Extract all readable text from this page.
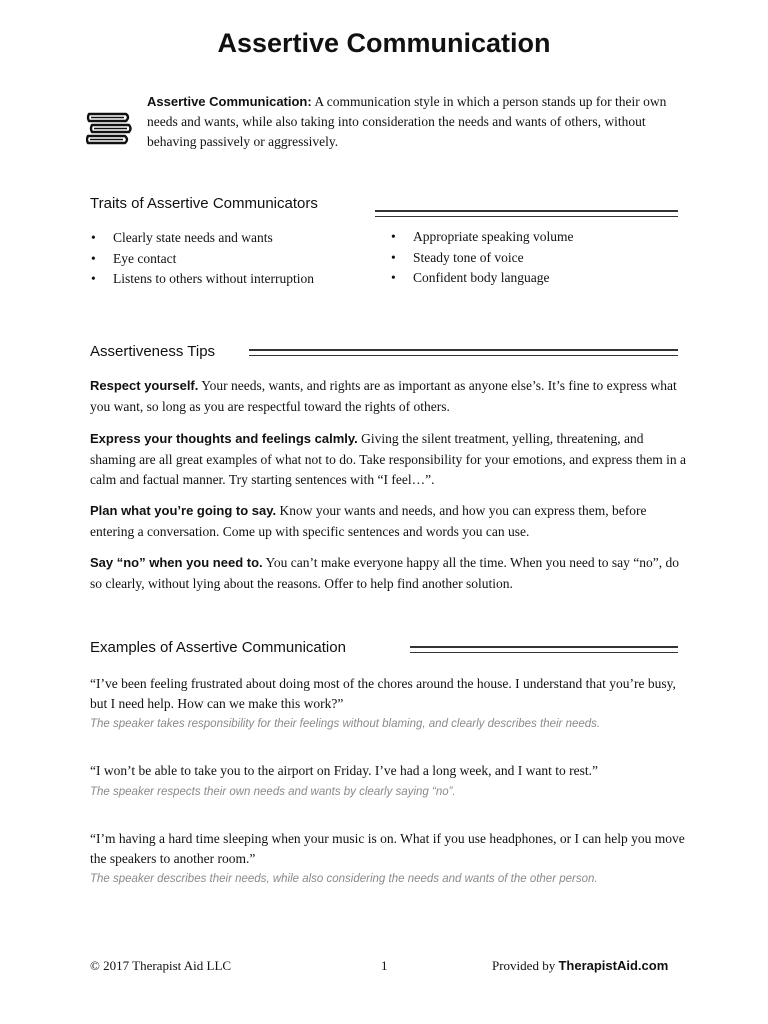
Assertive Communication
Assertive Communication: A communication style in which a person stands up for their own needs and wants, while also taking into consideration the needs and wants of others, without behaving passively or aggressively.
Traits of Assertive Communicators
• Clearly state needs and wants
• Eye contact
• Listens to others without interruption
• Appropriate speaking volume
• Steady tone of voice
• Confident body language
Assertiveness Tips
Respect yourself. Your needs, wants, and rights are as important as anyone else’s. It’s fine to express what you want, so long as you are respectful toward the rights of others.
Express your thoughts and feelings calmly. Giving the silent treatment, yelling, threatening, and shaming are all great examples of what not to do. Take responsibility for your emotions, and express them in a calm and factual manner. Try starting sentences with “I feel…”.
Plan what you’re going to say. Know your wants and needs, and how you can express them, before entering a conversation. Come up with specific sentences and words you can use.
Say “no” when you need to. You can’t make everyone happy all the time. When you need to say “no”, do so clearly, without lying about the reasons. Offer to help find another solution.
Examples of Assertive Communication
“I’ve been feeling frustrated about doing most of the chores around the house. I understand that you’re busy, but I need help. How can we make this work?”
The speaker takes responsibility for their feelings without blaming, and clearly describes their needs.
“I won’t be able to take you to the airport on Friday. I’ve had a long week, and I want to rest.”
The speaker respects their own needs and wants by clearly saying “no”.
“I’m having a hard time sleeping when your music is on. What if you use headphones, or I can help you move the speakers to another room.”
The speaker describes their needs, while also considering the needs and wants of the other person.
© 2017 Therapist Aid LLC	1	Provided by TherapistAid.com
